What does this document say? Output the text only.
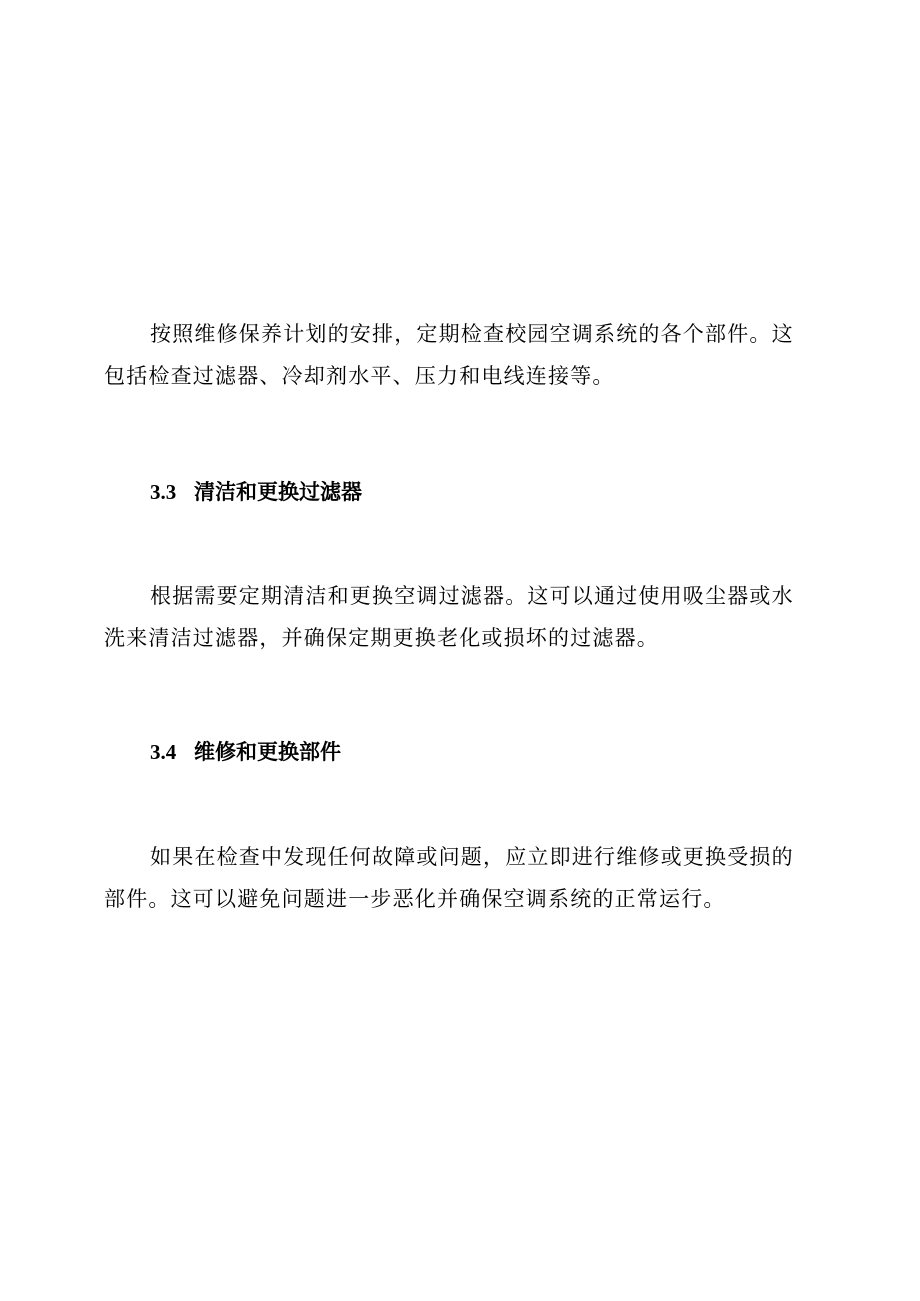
按照维修保养计划的安排，定期检查校园空调系统的各个部件。这包括检查过滤器、冷却剂水平、压力和电线连接等。

3.3 清洁和更换过滤器

根据需要定期清洁和更换空调过滤器。这可以通过使用吸尘器或水洗来清洁过滤器，并确保定期更换老化或损坏的过滤器。

3.4 维修和更换部件

如果在检查中发现任何故障或问题，应立即进行维修或更换受损的部件。这可以避免问题进一步恶化并确保空调系统的正常运行。
